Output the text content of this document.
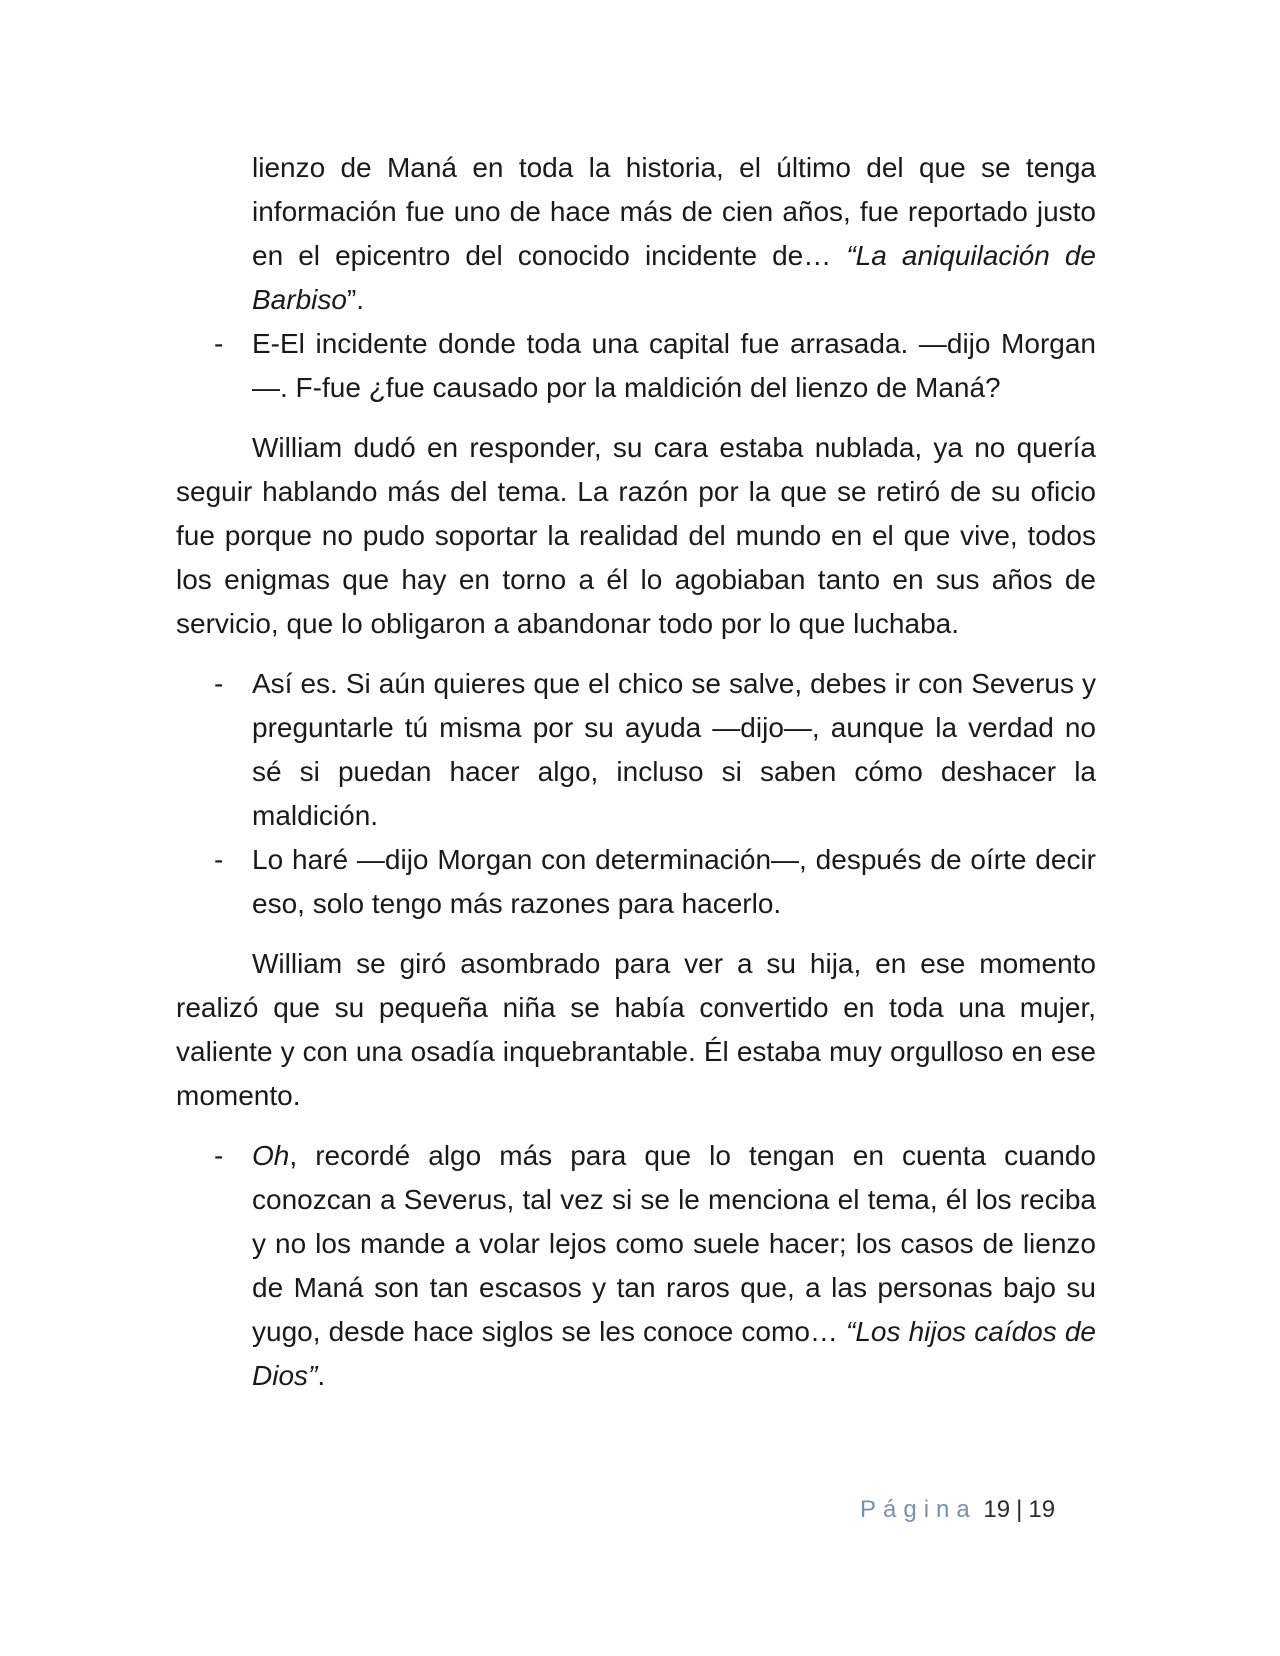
lienzo de Maná en toda la historia, el último del que se tenga información fue uno de hace más de cien años, fue reportado justo en el epicentro del conocido incidente de… “La aniquilación de Barbiso”.

- E-El incidente donde toda una capital fue arrasada. —dijo Morgan—. F-fue ¿fue causado por la maldición del lienzo de Maná?

William dudó en responder, su cara estaba nublada, ya no quería seguir hablando más del tema. La razón por la que se retiró de su oficio fue porque no pudo soportar la realidad del mundo en el que vive, todos los enigmas que hay en torno a él lo agobiaban tanto en sus años de servicio, que lo obligaron a abandonar todo por lo que luchaba.

- Así es. Si aún quieres que el chico se salve, debes ir con Severus y preguntarle tú misma por su ayuda —dijo—, aunque la verdad no sé si puedan hacer algo, incluso si saben cómo deshacer la maldición.

- Lo haré —dijo Morgan con determinación—, después de oírte decir eso, solo tengo más razones para hacerlo.

William se giró asombrado para ver a su hija, en ese momento realizó que su pequeña niña se había convertido en toda una mujer, valiente y con una osadía inquebrantable. Él estaba muy orgulloso en ese momento.

- Oh, recordé algo más para que lo tengan en cuenta cuando conozcan a Severus, tal vez si se le menciona el tema, él los reciba y no los mande a volar lejos como suele hacer; los casos de lienzo de Maná son tan escasos y tan raros que, a las personas bajo su yugo, desde hace siglos se les conoce como… “Los hijos caídos de Dios”.

Página 19 | 19
